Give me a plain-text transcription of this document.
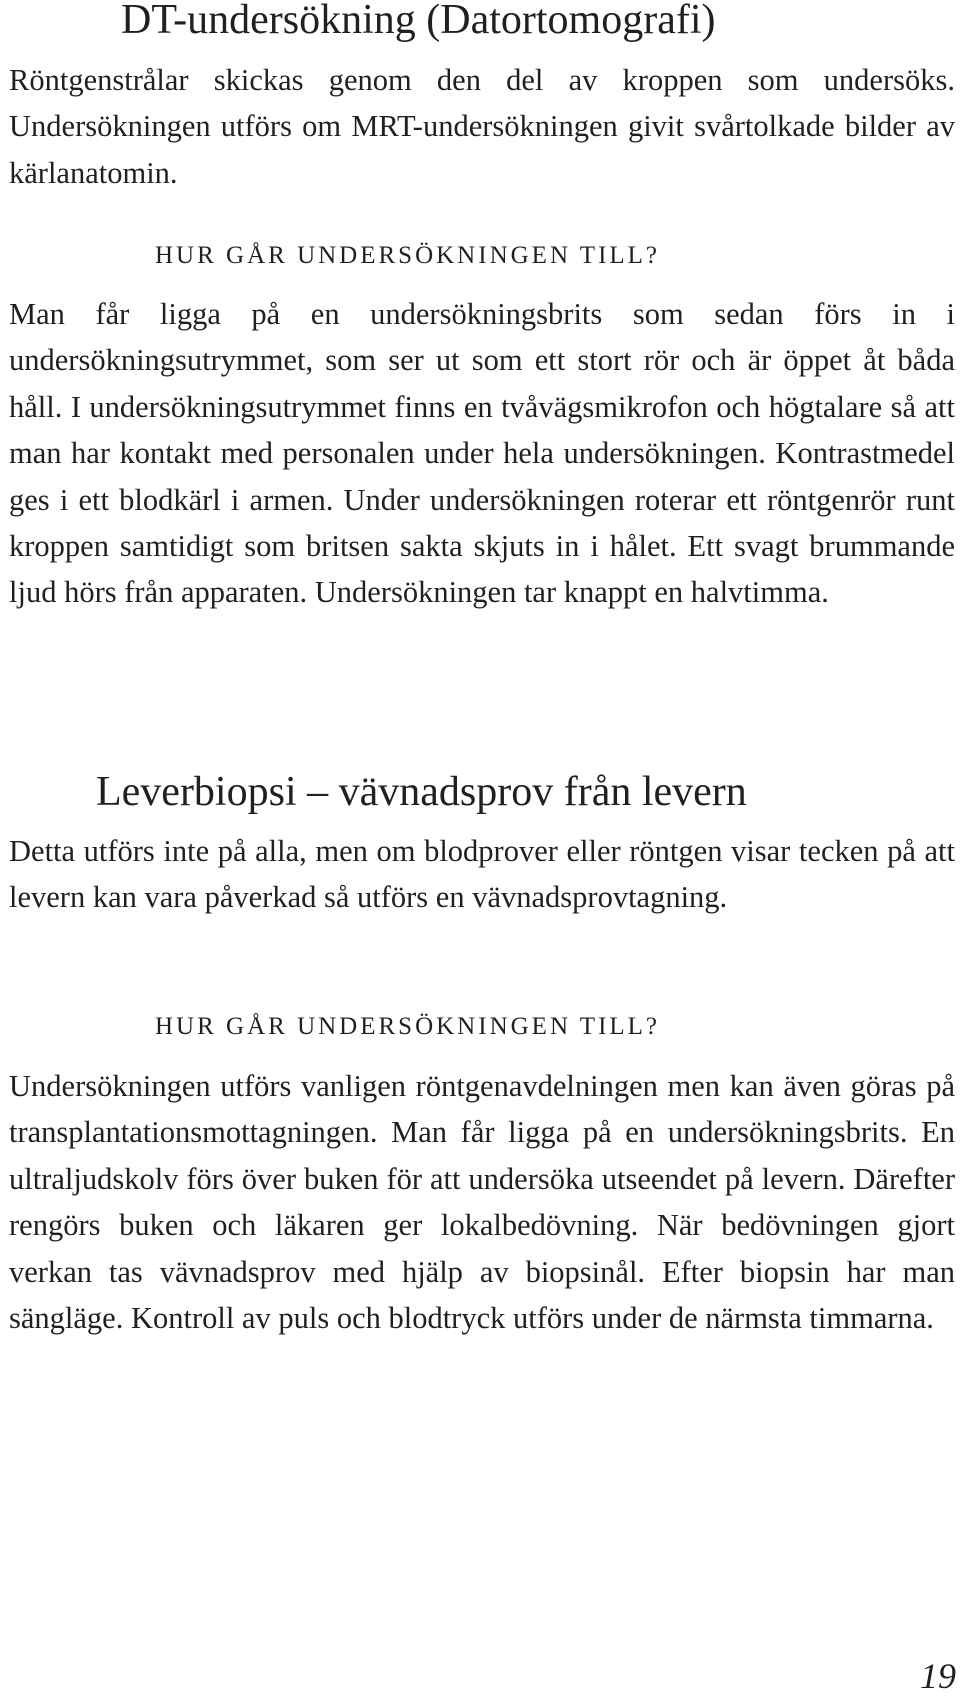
DT-undersökning (Datortomografi)

Röntgenstrålar skickas genom den del av kroppen som undersöks. Undersökningen utförs om MRT-undersökningen givit svårtolkade bilder av kärlanatomin.

HUR GÅR UNDERSÖKNINGEN TILL?

Man får ligga på en undersökningsbrits som sedan förs in i undersökningsutrymmet, som ser ut som ett stort rör och är öppet åt båda håll. I undersökningsutrymmet finns en tvåvägsmikrofon och högtalare så att man har kontakt med personalen under hela undersökningen. Kontrastmedel ges i ett blodkärl i armen. Under undersökningen roterar ett röntgenrör runt kroppen samtidigt som britsen sakta skjuts in i hålet. Ett svagt brummande ljud hörs från apparaten. Undersökningen tar knappt en halvtimma.

Leverbiopsi – vävnadsprov från levern

Detta utförs inte på alla, men om blodprover eller röntgen visar tecken på att levern kan vara påverkad så utförs en vävnadsprovtagning.

HUR GÅR UNDERSÖKNINGEN TILL?

Undersökningen utförs vanligen röntgenavdelningen men kan även göras på transplantationsmottagningen. Man får ligga på en undersökningsbrits. En ultraljudskolv förs över buken för att undersöka utseendet på levern. Därefter rengörs buken och läkaren ger lokalbedövning. När bedövningen gjort verkan tas vävnadsprov med hjälp av biopsinål. Efter biopsin har man sängläge. Kontroll av puls och blodtryck utförs under de närmsta timmarna.

19
